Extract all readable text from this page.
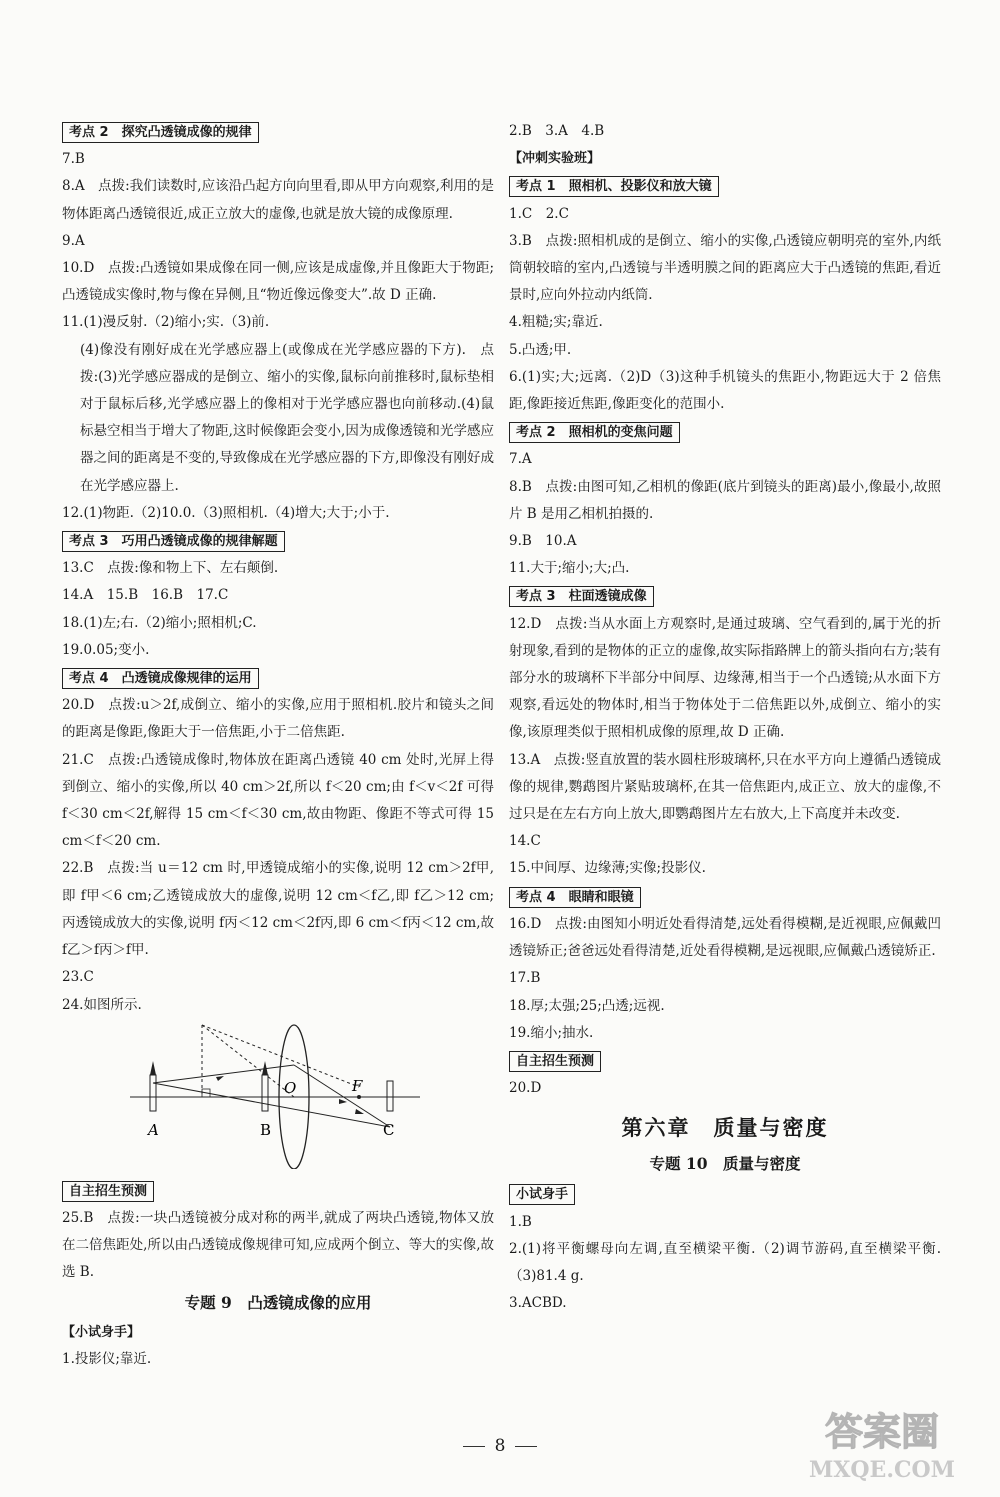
考点 2　探究凸透镜成像的规律
7.B
8.A　点拨:我们读数时,应该沿凸起方向向里看,即从甲方向观察,利用的是物体距离凸透镜很近,成正立放大的虚像,也就是放大镜的成像原理.
9.A
10.D　点拨:凸透镜如果成像在同一侧,应该是成虚像,并且像距大于物距;凸透镜成实像时,物与像在异侧,且“物近像远像变大”.故 D 正确.
11.(1)漫反射.（2)缩小;实.（3)前.
(4)像没有刚好成在光学感应器上(或像成在光学感应器的下方).　点拨:(3)光学感应器成的是倒立、缩小的实像,鼠标向前推移时,鼠标垫相对于鼠标后移,光学感应器上的像相对于光学感应器也向前移动.(4)鼠标悬空相当于增大了物距,这时候像距会变小,因为成像透镜和光学感应器之间的距离是不变的,导致像成在光学感应器的下方,即像没有刚好成在光学感应器上.
12.(1)物距.（2)10.0.（3)照相机.（4)增大;大于;小于.
考点 3　巧用凸透镜成像的规律解题
13.C　点拨:像和物上下、左右颠倒.
14.A　15.B　16.B　17.C
18.(1)左;右.（2)缩小;照相机;C.
19.0.05;变小.
考点 4　凸透镜成像规律的运用
20.D　点拨:u＞2f,成倒立、缩小的实像,应用于照相机.胶片和镜头之间的距离是像距,像距大于一倍焦距,小于二倍焦距.
21.C　点拨:凸透镜成像时,物体放在距离凸透镜 40 cm 处时,光屏上得到倒立、缩小的实像,所以 40 cm＞2f,所以 f＜20 cm;由 f＜v＜2f 可得 f＜30 cm＜2f,解得 15 cm＜f＜30 cm,故由物距、像距不等式可得 15 cm＜f＜20 cm.
22.B　点拨:当 u＝12 cm 时,甲透镜成缩小的实像,说明 12 cm＞2f甲,即 f甲＜6 cm;乙透镜成放大的虚像,说明 12 cm＜f乙,即 f乙＞12 cm;丙透镜成放大的实像,说明 f丙＜12 cm＜2f丙,即 6 cm＜f丙＜12 cm,故 f乙＞f丙＞f甲.
23.C
24.如图所示.
A	B
O	F
C
自主招生预测
25.B　点拨:一块凸透镜被分成对称的两半,就成了两块凸透镜,物体又放在二倍焦距处,所以由凸透镜成像规律可知,应成两个倒立、等大的实像,故选 B.
专题 9　凸透镜成像的应用
【小试身手】
1.投影仪;靠近.
2.B　3.A　4.B
【冲刺实验班】
考点 1　照相机、投影仪和放大镜
1.C　2.C
3.B　点拨:照相机成的是倒立、缩小的实像,凸透镜应朝明亮的室外,内纸筒朝较暗的室内,凸透镜与半透明膜之间的距离应大于凸透镜的焦距,看近景时,应向外拉动内纸筒.
4.粗糙;实;靠近.
5.凸透;甲.
6.(1)实;大;远离.（2)D（3)这种手机镜头的焦距小,物距远大于 2 倍焦距,像距接近焦距,像距变化的范围小.
考点 2　照相机的变焦问题
7.A
8.B　点拨:由图可知,乙相机的像距(底片到镜头的距离)最小,像最小,故照片 B 是用乙相机拍摄的.
9.B　10.A
11.大于;缩小;大;凸.
考点 3　柱面透镜成像
12.D　点拨:当从水面上方观察时,是通过玻璃、空气看到的,属于光的折射现象,看到的是物体的正立的虚像,故实际指路牌上的箭头指向右方;装有部分水的玻璃杯下半部分中间厚、边缘薄,相当于一个凸透镜;从水面下方观察,看远处的物体时,相当于物体处于二倍焦距以外,成倒立、缩小的实像,该原理类似于照相机成像的原理,故 D 正确.
13.A　点拨:竖直放置的装水圆柱形玻璃杯,只在水平方向上遵循凸透镜成像的规律,鹦鹉图片紧贴玻璃杯,在其一倍焦距内,成正立、放大的虚像,不过只是在左右方向上放大,即鹦鹉图片左右放大,上下高度并未改变.
14.C
15.中间厚、边缘薄;实像;投影仪.
考点 4　眼睛和眼镜
16.D　点拨:由图知小明近处看得清楚,远处看得模糊,是近视眼,应佩戴凹透镜矫正;爸爸远处看得清楚,近处看得模糊,是远视眼,应佩戴凸透镜矫正.
17.B
18.厚;太强;25;凸透;远视.
19.缩小;抽水.
自主招生预测
20.D
第六章　质量与密度
专题 10　质量与密度
小试身手
1.B
2.(1)将平衡螺母向左调,直至横梁平衡.（2)调节游码,直至横梁平衡.（3)81.4 g.
3.ACBD.
8	答案圈
MXQE.COM
